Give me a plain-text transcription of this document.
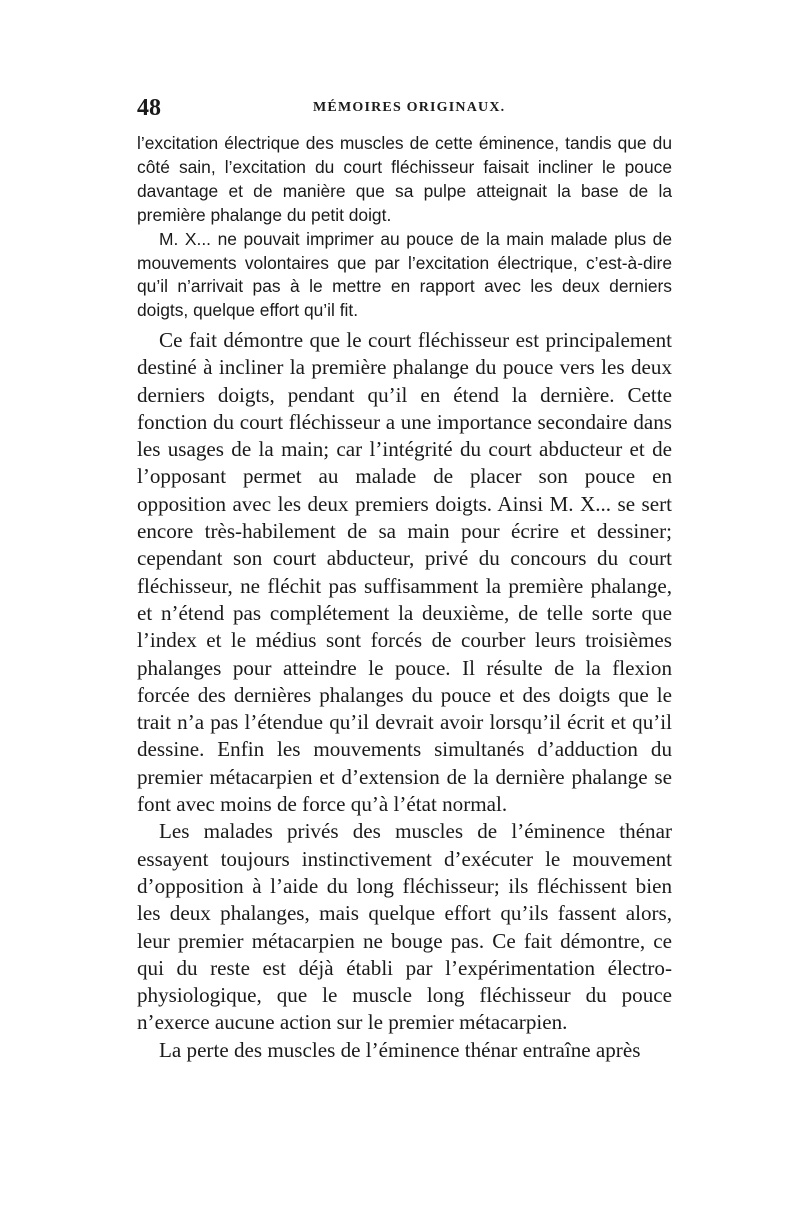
48	MÉMOIRES ORIGINAUX.

l’excitation électrique des muscles de cette éminence, tandis que du côté sain, l’excitation du court fléchisseur faisait incliner le pouce davantage et de manière que sa pulpe atteignait la base de la première phalange du petit doigt.

M. X... ne pouvait imprimer au pouce de la main malade plus de mouvements volontaires que par l’excitation électrique, c’est-à-dire qu’il n’arrivait pas à le mettre en rapport avec les deux derniers doigts, quelque effort qu’il fit.

Ce fait démontre que le court fléchisseur est principalement destiné à incliner la première phalange du pouce vers les deux derniers doigts, pendant qu’il en étend la dernière. Cette fonction du court fléchisseur a une importance secondaire dans les usages de la main; car l’intégrité du court abducteur et de l’opposant permet au malade de placer son pouce en opposition avec les deux premiers doigts. Ainsi M. X... se sert encore très-habilement de sa main pour écrire et dessiner; cependant son court abducteur, privé du concours du court fléchisseur, ne fléchit pas suffisamment la première phalange, et n’étend pas complétement la deuxième, de telle sorte que l’index et le médius sont forcés de courber leurs troisièmes phalanges pour atteindre le pouce. Il résulte de la flexion forcée des dernières phalanges du pouce et des doigts que le trait n’a pas l’étendue qu’il devrait avoir lorsqu’il écrit et qu’il dessine. Enfin les mouvements simultanés d’adduction du premier métacarpien et d’extension de la dernière phalange se font avec moins de force qu’à l’état normal.

Les malades privés des muscles de l’éminence thénar essayent toujours instinctivement d’exécuter le mouvement d’opposition à l’aide du long fléchisseur; ils fléchissent bien les deux phalanges, mais quelque effort qu’ils fassent alors, leur premier métacarpien ne bouge pas. Ce fait démontre, ce qui du reste est déjà établi par l’expérimentation électro-physiologique, que le muscle long fléchisseur du pouce n’exerce aucune action sur le premier métacarpien.

La perte des muscles de l’éminence thénar entraîne après
